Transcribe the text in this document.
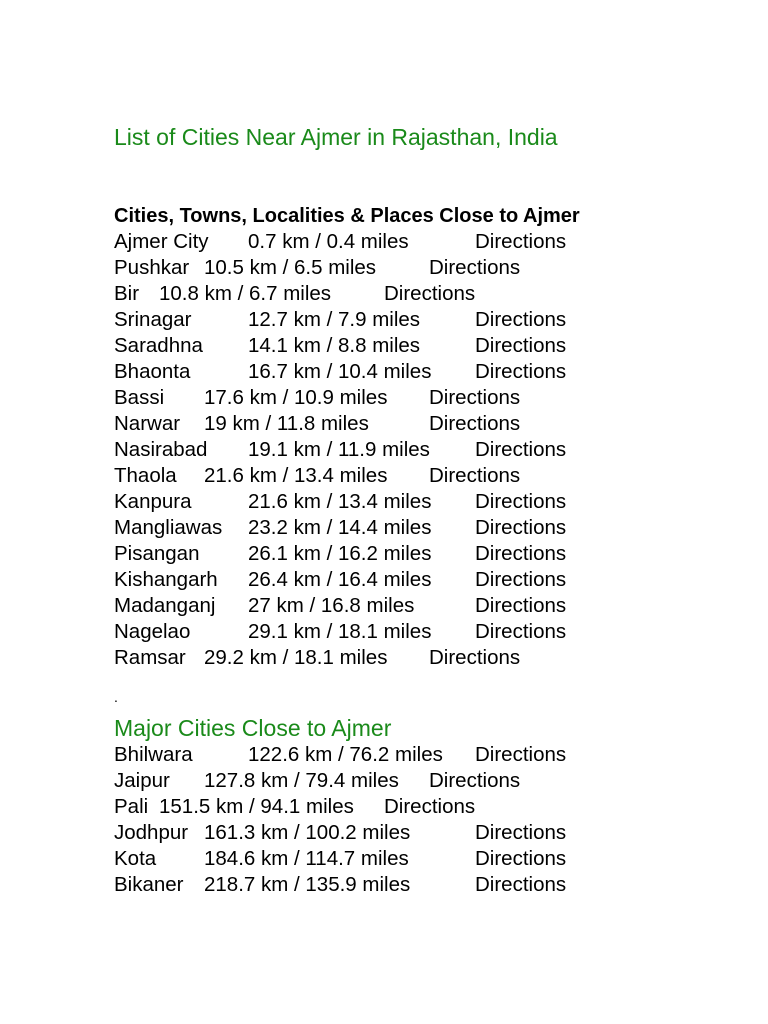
List of Cities Near Ajmer in Rajasthan, India
Cities, Towns, Localities & Places Close to Ajmer
Ajmer City 0.7 km / 0.4 miles	Directions
Pushkar 10.5 km / 6.5 miles	Directions
Bir 10.8 km / 6.7 miles	Directions
Srinagar	12.7 km / 7.9 miles	Directions
Saradhna 14.1 km / 8.8 miles	Directions
Bhaonta	16.7 km / 10.4 miles Directions
Bassi 17.6 km / 10.9 miles Directions
Narwar 19 km / 11.8 miles	Directions
Nasirabad 19.1 km / 11.9 miles Directions
Thaola 21.6 km / 13.4 miles Directions
Kanpura	21.6 km / 13.4 miles Directions
Mangliawas 23.2 km / 14.4 miles Directions
Pisangan 26.1 km / 16.2 miles Directions
Kishangarh 26.4 km / 16.4 miles Directions
Madanganj 27 km / 16.8 miles	Directions
Nagelao	29.1 km / 18.1 miles Directions
Ramsar 29.2 km / 18.1 miles Directions
.
Major Cities Close to Ajmer
Bhilwara	122.6 km / 76.2 miles Directions
Jaipur 127.8 km / 79.4 miles Directions
Pali 151.5 km / 94.1 miles Directions
Jodhpur 161.3 km / 100.2 miles	Directions
Kota 184.6 km / 114.7 miles	Directions
Bikaner 218.7 km / 135.9 miles	Directions
